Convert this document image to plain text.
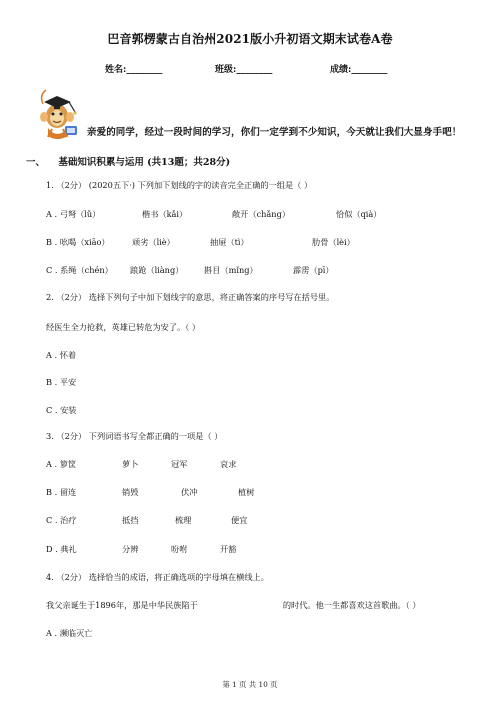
巴音郭楞蒙古自治州2021版小升初语文期末试卷A卷
姓名:________	班级:________	成绩:________
亲爱的同学，经过一段时间的学习，你们一定学到不少知识，今天就让我们大显身手吧！
一、 基础知识积累与运用 (共13题；共28分)
1. （2分） (2020五下·) 下列加下划线的字的读音完全正确的一组是（ ）
A . 弓弩（lǔ）	楷书（kǎi）	敞开（chǎng）	恰似（qià）
B . 吆喝（xiāo）	顽劣（liè）	抽屉（tì）	肋骨（lèi）
C . 系绳（chén） 踉跄（liàng）	斟目（mǐng）	霹雳（pī）
2. （2分） 选择下列句子中加下划线字的意思，将正确答案的序号写在括号里。
经医生全力抢救，英雄已转危为安了。（ ）
A . 怀着
B . 平安
C . 安装
3. （2分） 下列词语书写全都正确的一项是（ ）
A . 箩筐	萝卜	冠军	哀求
B . 留连	销毁	伏冲	植树
C . 治疗	抵挡	梳理	便宜
D . 典礼	分辨	吩咐	开豁
4. （2分） 选择恰当的成语，将正确选项的字母填在横线上。
我父亲诞生于1896年，那是中华民族陷于	的时代。他一生都喜欢这首歌曲。（ ）
A . 濒临灭亡
第 1 页 共 10 页
